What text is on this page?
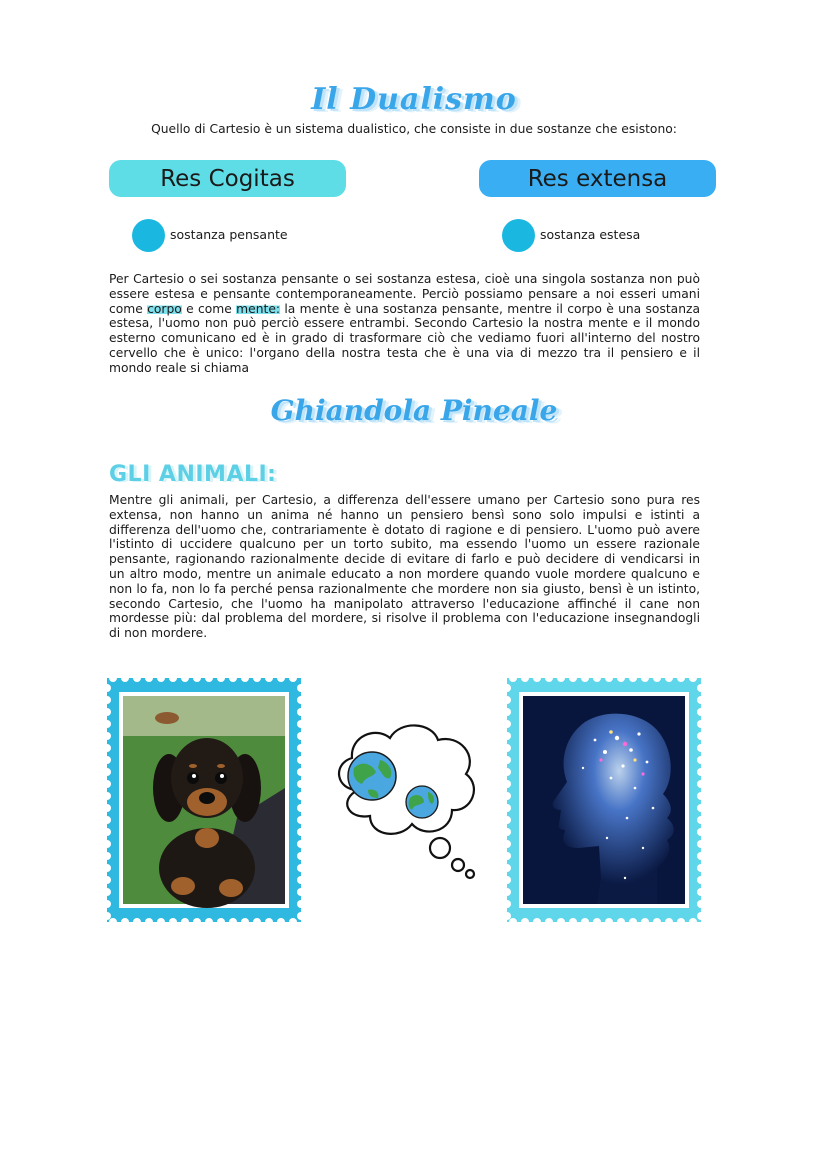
Il Dualismo
Quello di Cartesio è un sistema dualistico, che consiste in due sostanze che esistono:
Res Cogitas	Res extensa
sostanza pensante	sostanza estesa
Per Cartesio o sei sostanza pensante o sei sostanza estesa, cioè una singola sostanza non può essere estesa e pensante contemporaneamente. Perciò possiamo pensare a noi esseri umani come corpo e come mente: la mente è una sostanza pensante, mentre il corpo è una sostanza estesa, l'uomo non può perciò essere entrambi. Secondo Cartesio la nostra mente e il mondo esterno comunicano ed è in grado di trasformare ciò che vediamo fuori all'interno del nostro cervello che è unico: l'organo della nostra testa che è una via di mezzo tra il pensiero e il mondo reale si chiama
Ghiandola Pineale
GLI ANIMALI:
Mentre gli animali, per Cartesio, a differenza dell'essere umano per Cartesio sono pura res extensa, non hanno un anima né hanno un pensiero bensì sono solo impulsi e istinti a differenza dell'uomo che, contrariamente è dotato di ragione e di pensiero. L'uomo può avere l'istinto di uccidere qualcuno per un torto subito, ma essendo l'uomo un essere razionale pensante, ragionando razionalmente decide di evitare di farlo e può decidere di vendicarsi in un altro modo, mentre un animale educato a non mordere quando vuole mordere qualcuno e non lo fa, non lo fa perché pensa razionalmente che mordere non sia giusto, bensì è un istinto, secondo Cartesio, che l'uomo ha manipolato attraverso l'educazione affinché il cane non mordesse più: dal problema del mordere, si risolve il problema con l'educazione insegnandogli di non mordere.
